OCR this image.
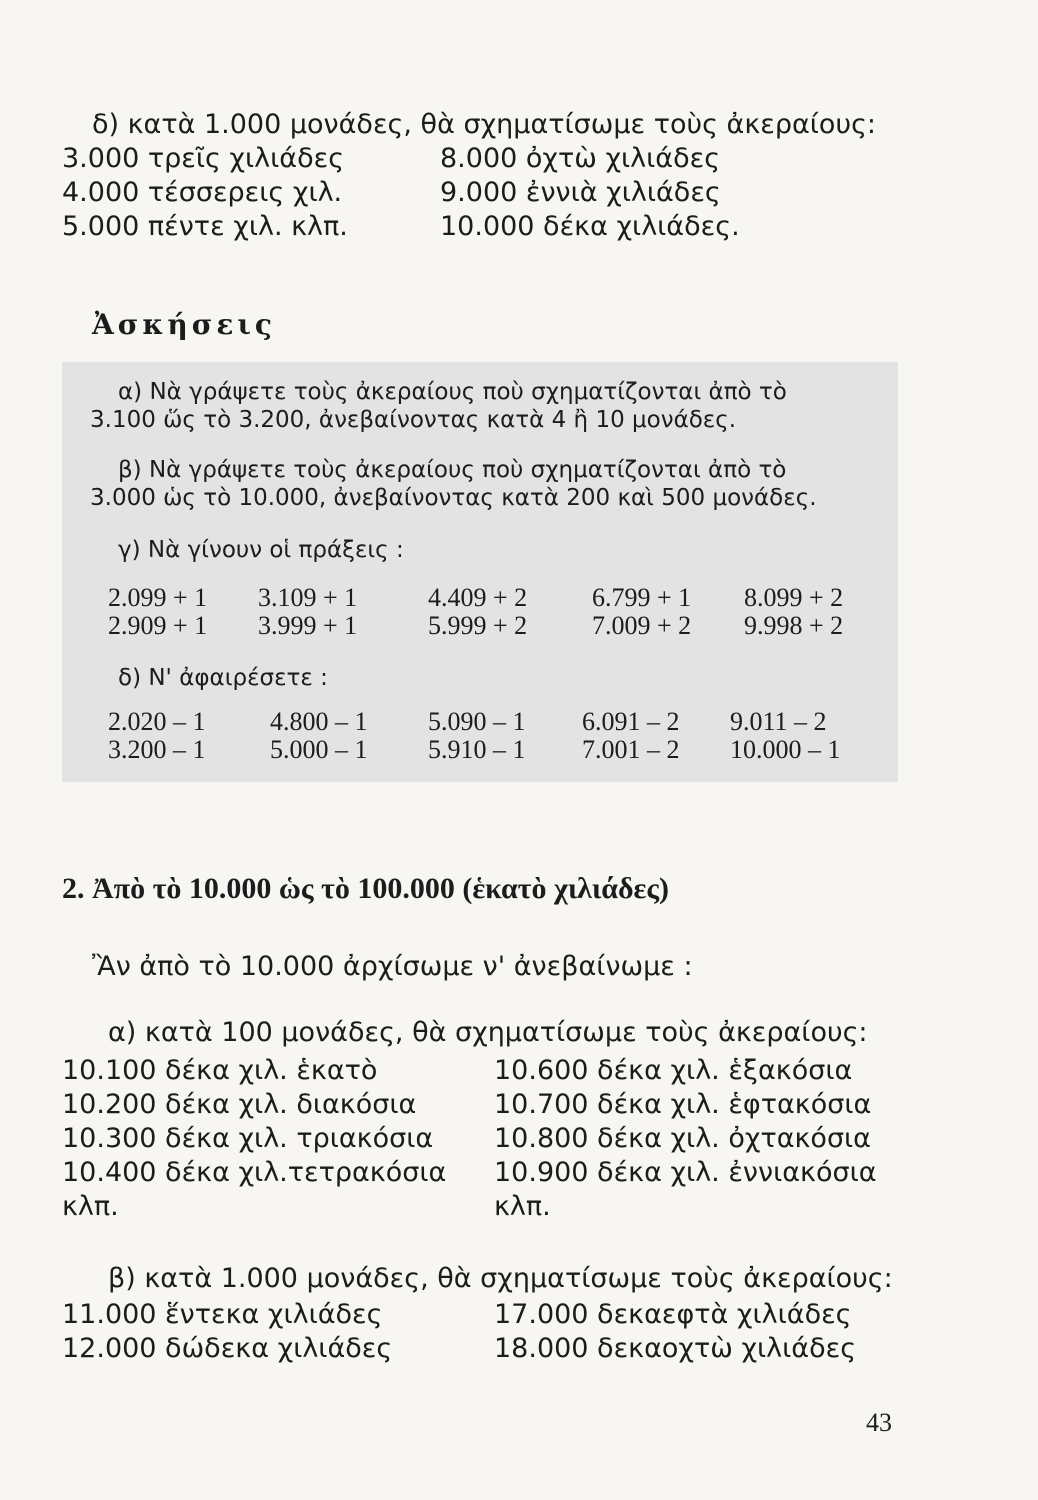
δ) κατὰ 1.000 μονάδες, θὰ σχηματίσωμε τοὺς ἀκεραίους:
3.000 τρεῖς χιλιάδες
4.000 τέσσερεις χιλ.
5.000 πέντε χιλ. κλπ.
8.000 ὀχτὼ χιλιάδες
9.000 ἐννιὰ χιλιάδες
10.000 δέκα χιλιάδες.
Ἀσκήσεις
α) Νὰ γράψετε τοὺς ἀκεραίους ποὺ σχηματίζονται ἀπὸ τὸ
3.100 ὥς τὸ 3.200, ἀνεβαίνοντας κατὰ 4 ἢ 10 μονάδες.
β) Νὰ γράψετε τοὺς ἀκεραίους ποὺ σχηματίζονται ἀπὸ τὸ
3.000 ὡς τὸ 10.000, ἀνεβαίνοντας κατὰ 200 καὶ 500 μονάδες.
γ) Νὰ γίνουν οἱ πράξεις :
2.099 + 1 3.109 + 1	4.409 + 2 6.799 + 1 8.099 + 2
2.909 + 1 3.999 + 1	5.999 + 2 7.009 + 2 9.998 + 2
δ) Ν' ἀφαιρέσετε :
2.020 – 1 4.800 – 1 5.090 – 1 6.091 – 2 9.011 – 2
3.200 – 1 5.000 – 1 5.910 – 1 7.001 – 2 10.000 – 1
2. Ἀπὸ τὸ 10.000 ὡς τὸ 100.000 (ἑκατὸ χιλιάδες)
Ἂν ἀπὸ τὸ 10.000 ἀρχίσωμε ν' ἀνεβαίνωμε :
α) κατὰ 100 μονάδες, θὰ σχηματίσωμε τοὺς ἀκεραίους:
10.100 δέκα χιλ. ἑκατὸ
10.200 δέκα χιλ. διακόσια
10.300 δέκα χιλ. τριακόσια
10.400 δέκα χιλ.τετρακόσια
κλπ.
10.600 δέκα χιλ. ἑξακόσια
10.700 δέκα χιλ. ἑφτακόσια
10.800 δέκα χιλ. ὀχτακόσια
10.900 δέκα χιλ. ἐννιακόσια
κλπ.
β) κατὰ 1.000 μονάδες, θὰ σχηματίσωμε τοὺς ἀκεραίους:
11.000 ἕντεκα χιλιάδες
12.000 δώδεκα χιλιάδες
17.000 δεκαεφτὰ χιλιάδες
18.000 δεκαοχτὼ χιλιάδες
43
